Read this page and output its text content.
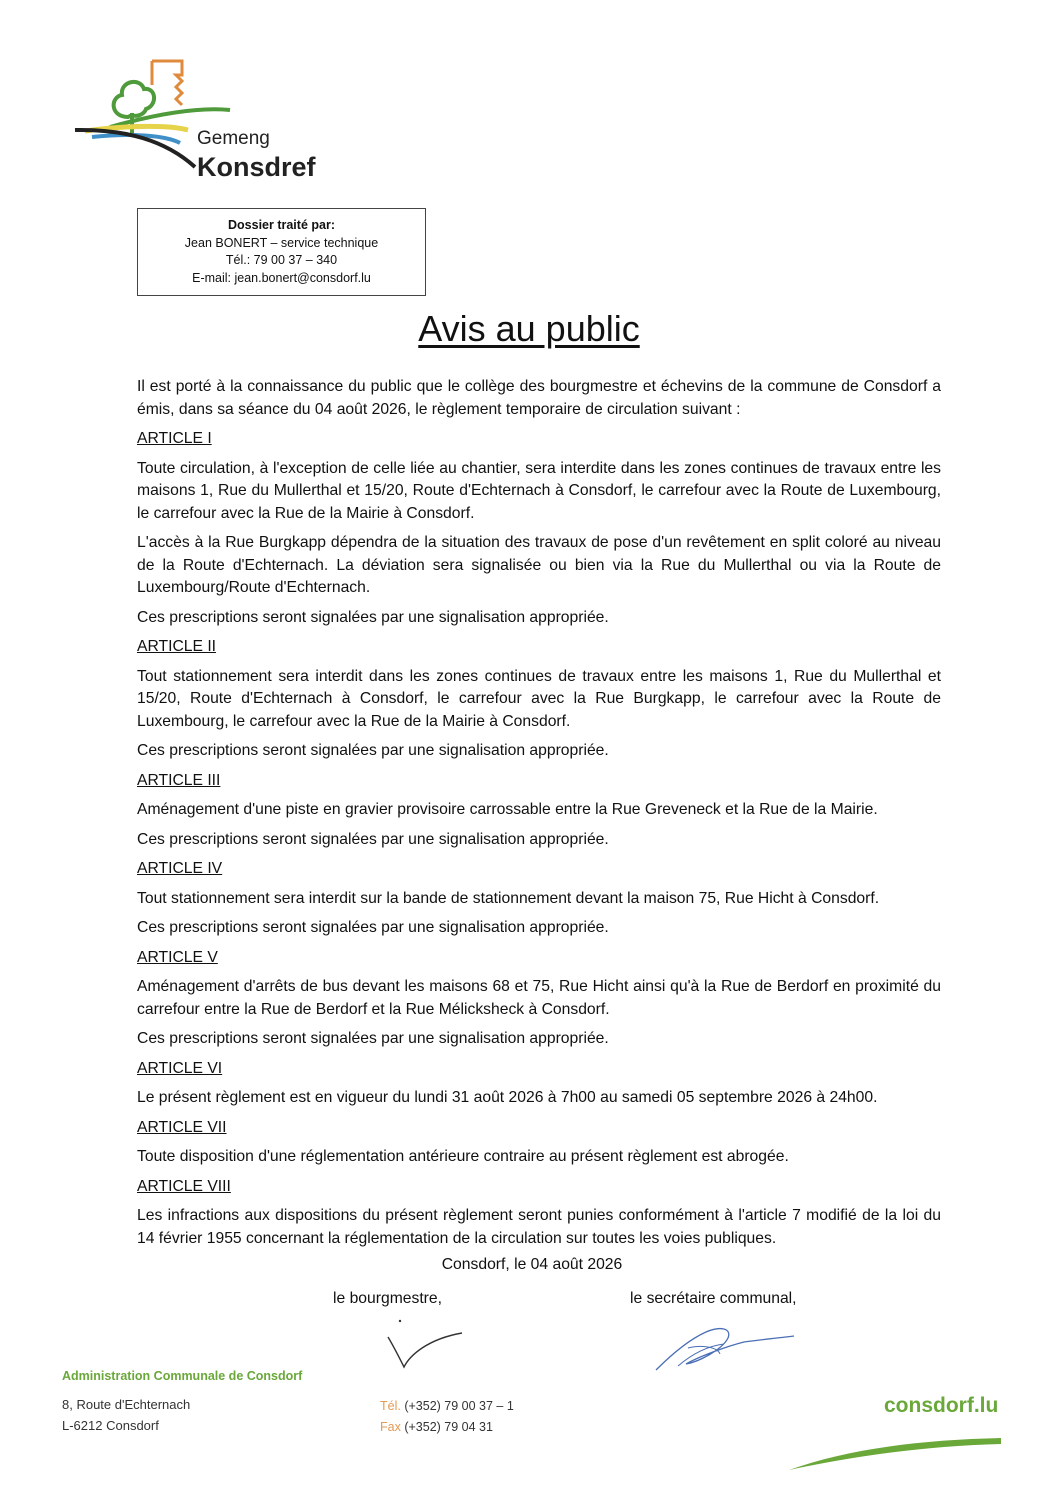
Gemeng
Konsdref
Dossier traité par:
Jean BONERT – service technique
Tél.: 79 00 37 – 340
E-mail: jean.bonert@consdorf.lu
Avis au public

Il est porté à la connaissance du public que le collège des bourgmestre et échevins de la commune de Consdorf a émis, dans sa séance du 04 août 2026, le règlement temporaire de circulation suivant :

ARTICLE I

Toute circulation, à l'exception de celle liée au chantier, sera interdite dans les zones continues de travaux entre les maisons 1, Rue du Mullerthal et 15/20, Route d'Echternach à Consdorf, le carrefour avec la Route de Luxembourg, le carrefour avec la Rue de la Mairie à Consdorf.

L'accès à la Rue Burgkapp dépendra de la situation des travaux de pose d'un revêtement en split coloré au niveau de la Route d'Echternach. La déviation sera signalisée ou bien via la Rue du Mullerthal ou via la Route de Luxembourg/Route d'Echternach.

Ces prescriptions seront signalées par une signalisation appropriée.

ARTICLE II

Tout stationnement sera interdit dans les zones continues de travaux entre les maisons 1, Rue du Mullerthal et 15/20, Route d'Echternach à Consdorf, le carrefour avec la Rue Burgkapp, le carrefour avec la Route de Luxembourg, le carrefour avec la Rue de la Mairie à Consdorf.

Ces prescriptions seront signalées par une signalisation appropriée.

ARTICLE III

Aménagement d'une piste en gravier provisoire carrossable entre la Rue Greveneck et la Rue de la Mairie.

Ces prescriptions seront signalées par une signalisation appropriée.

ARTICLE IV

Tout stationnement sera interdit sur la bande de stationnement devant la maison 75, Rue Hicht à Consdorf.

Ces prescriptions seront signalées par une signalisation appropriée.

ARTICLE V

Aménagement d'arrêts de bus devant les maisons 68 et 75, Rue Hicht ainsi qu'à la Rue de Berdorf en proximité du carrefour entre la Rue de Berdorf et la Rue Mélicksheck à Consdorf.

Ces prescriptions seront signalées par une signalisation appropriée.

ARTICLE VI

Le présent règlement est en vigueur du lundi 31 août 2026 à 7h00 au samedi 05 septembre 2026 à 24h00.

ARTICLE VII

Toute disposition d'une réglementation antérieure contraire au présent règlement est abrogée.

ARTICLE VIII

Les infractions aux dispositions du présent règlement seront punies conformément à l'article 7 modifié de la loi du 14 février 1955 concernant la réglementation de la circulation sur toutes les voies publiques.

Consdorf, le 04 août 2026
le bourgmestre,	le secrétaire communal,
Administration Communale de Consdorf
8, Route d'Echternach
L-6212 Consdorf
Tél. (+352) 79 00 37 – 1
Fax (+352) 79 04 31
consdorf.lu
